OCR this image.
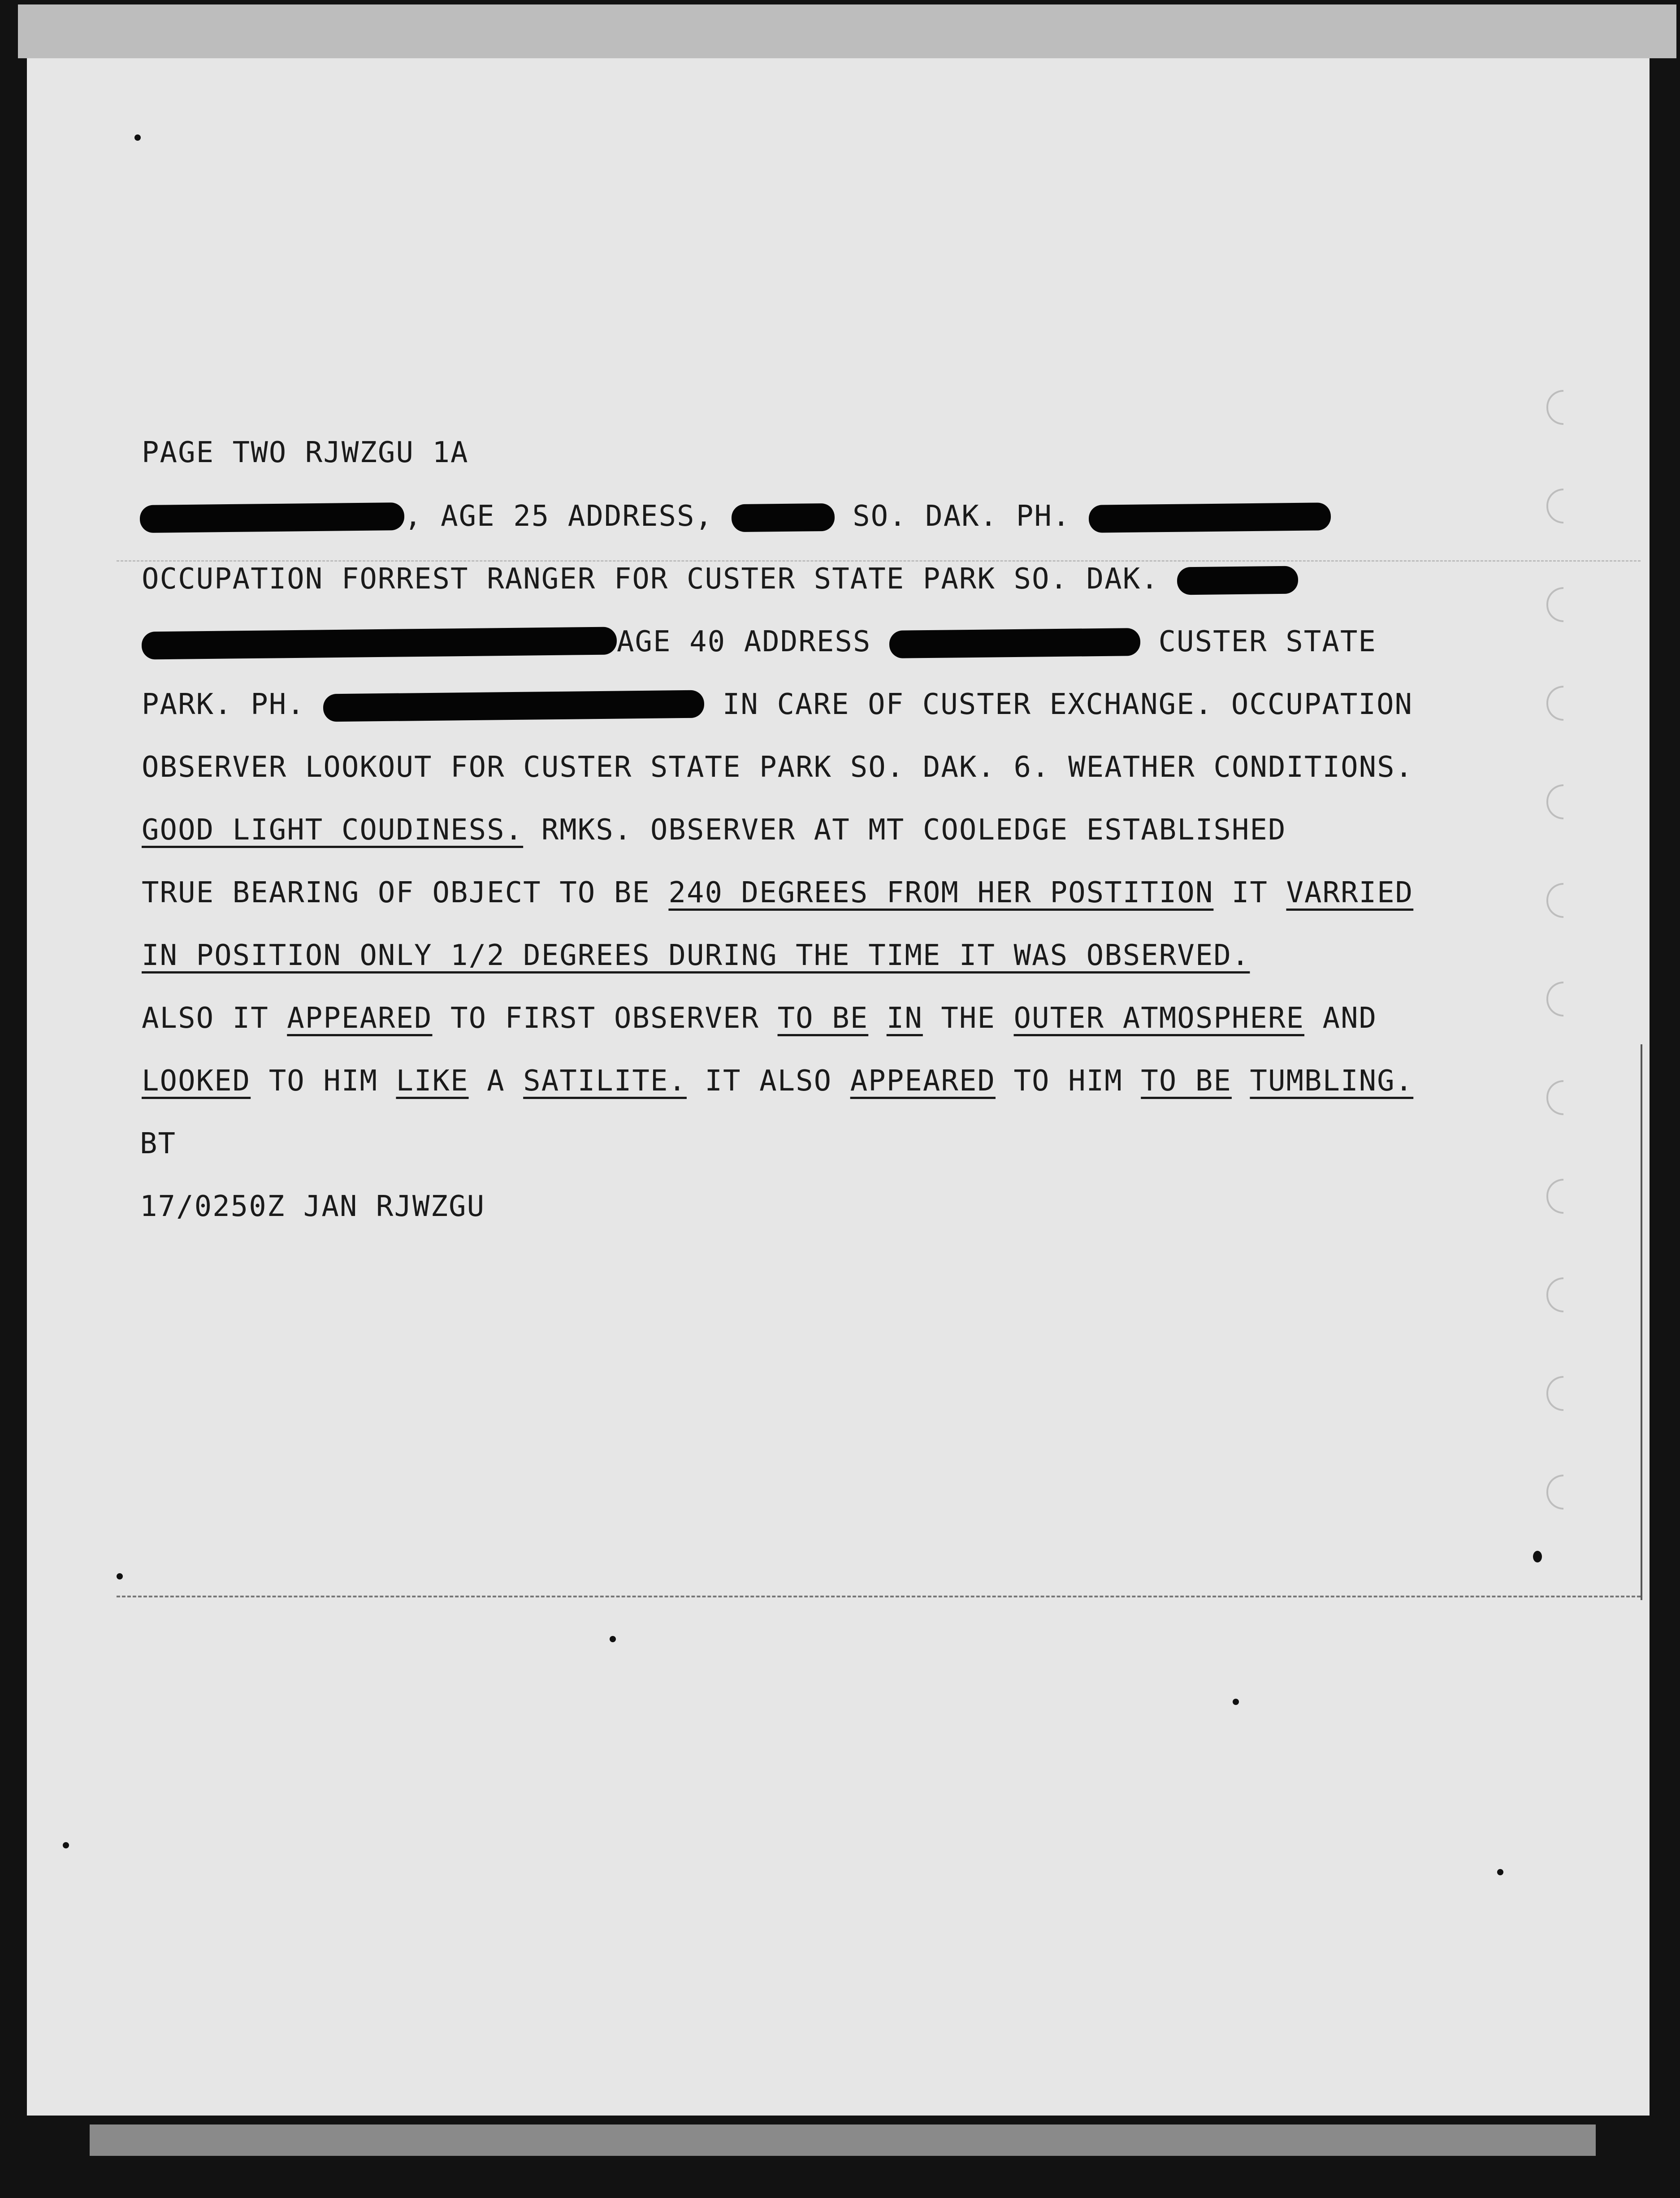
PAGE TWO RJWZGU 1A

, AGE 25 ADDRESS,	SO. DAK. PH.

OCCUPATION FORREST RANGER FOR CUSTER STATE PARK SO. DAK.

AGE 40 ADDRESS	CUSTER STATE

PARK. PH.	IN CARE OF CUSTER EXCHANGE. OCCUPATION

OBSERVER LOOKOUT FOR CUSTER STATE PARK SO. DAK. 6. WEATHER CONDITIONS.

GOOD LIGHT COUDINESS. RMKS. OBSERVER AT MT COOLEDGE ESTABLISHED

TRUE BEARING OF OBJECT TO BE 240 DEGREES FROM HER POSTITION IT VARRIED

IN POSITION ONLY 1/2 DEGREES DURING THE TIME IT WAS OBSERVED.

ALSO IT APPEARED TO FIRST OBSERVER TO BE IN THE OUTER ATMOSPHERE AND

LOOKED TO HIM LIKE A SATILITE. IT ALSO APPEARED TO HIM TO BE TUMBLING.

BT

17/0250Z JAN RJWZGU
